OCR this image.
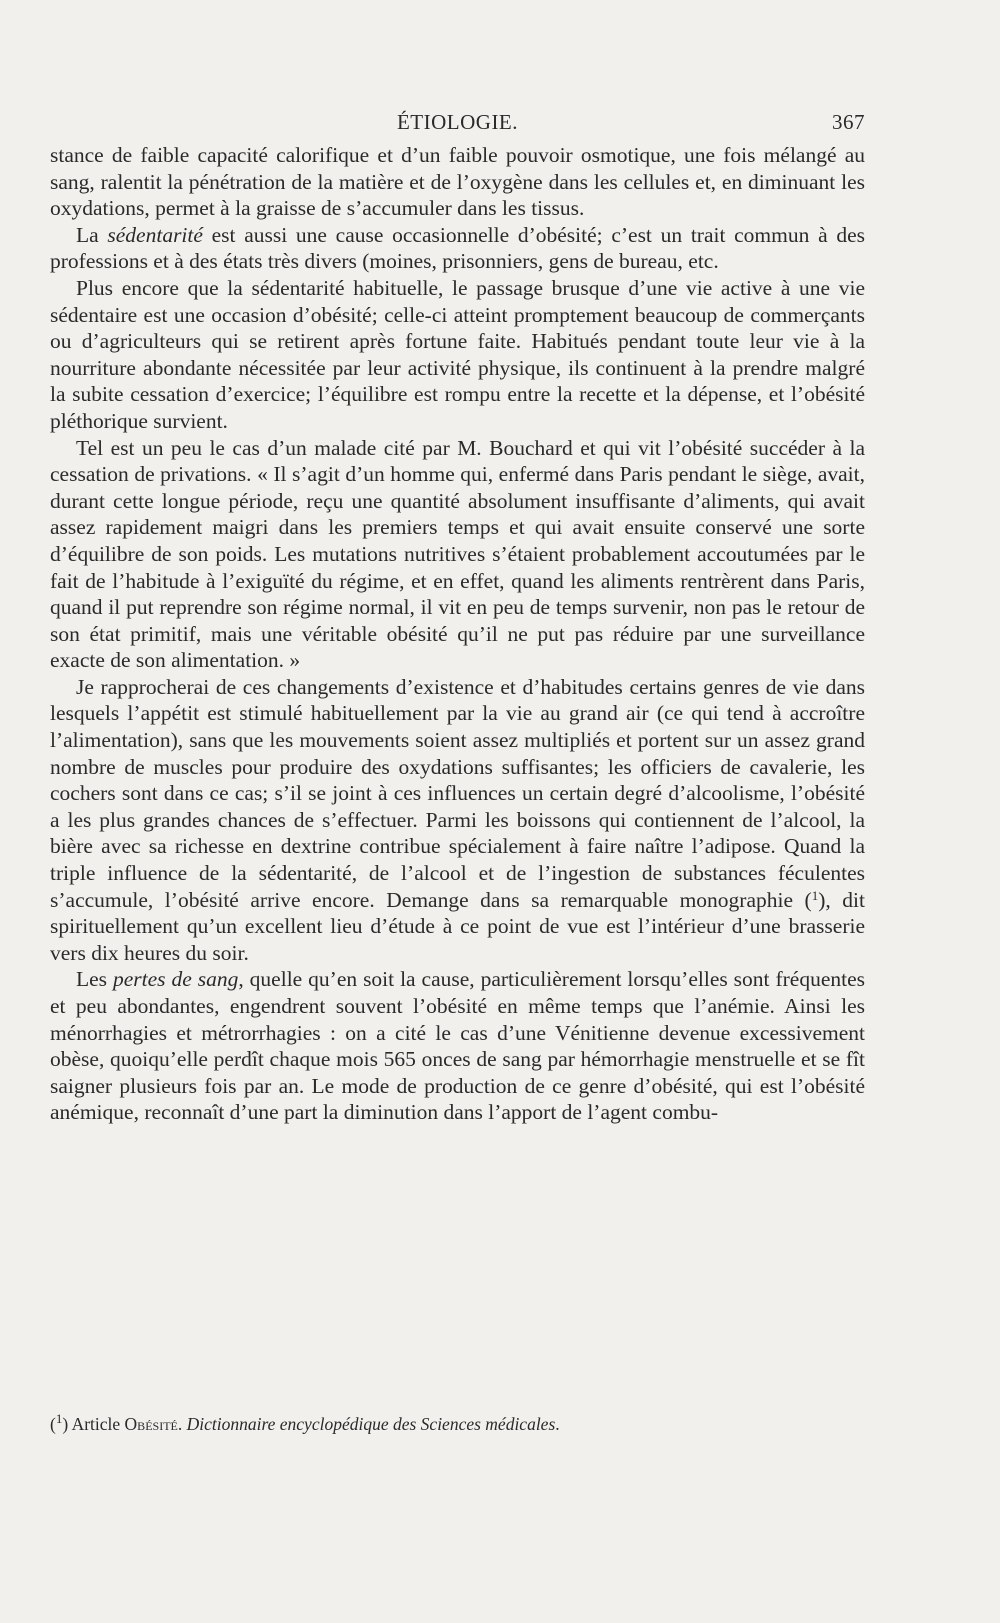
ÉTIOLOGIE.	367

stance de faible capacité calorifique et d’un faible pouvoir osmotique, une fois mélangé au sang, ralentit la pénétration de la matière et de l’oxygène dans les cellules et, en diminuant les oxydations, permet à la graisse de s’accumuler dans les tissus.

La sédentarité est aussi une cause occasionnelle d’obésité; c’est un trait commun à des professions et à des états très divers (moines, prisonniers, gens de bureau, etc.

Plus encore que la sédentarité habituelle, le passage brusque d’une vie active à une vie sédentaire est une occasion d’obésité; celle-ci atteint promptement beaucoup de commerçants ou d’agriculteurs qui se retirent après fortune faite. Habitués pendant toute leur vie à la nourriture abondante nécessitée par leur activité physique, ils continuent à la prendre malgré la subite cessation d’exercice; l’équilibre est rompu entre la recette et la dépense, et l’obésité pléthorique survient.

Tel est un peu le cas d’un malade cité par M. Bouchard et qui vit l’obésité succéder à la cessation de privations. « Il s’agit d’un homme qui, enfermé dans Paris pendant le siège, avait, durant cette longue période, reçu une quantité absolument insuffisante d’aliments, qui avait assez rapidement maigri dans les premiers temps et qui avait ensuite conservé une sorte d’équilibre de son poids. Les mutations nutritives s’étaient probablement accoutumées par le fait de l’habitude à l’exiguïté du régime, et en effet, quand les aliments rentrèrent dans Paris, quand il put reprendre son régime normal, il vit en peu de temps survenir, non pas le retour de son état primitif, mais une véritable obésité qu’il ne put pas réduire par une surveillance exacte de son alimentation. »

Je rapprocherai de ces changements d’existence et d’habitudes certains genres de vie dans lesquels l’appétit est stimulé habituellement par la vie au grand air (ce qui tend à accroître l’alimentation), sans que les mouvements soient assez multipliés et portent sur un assez grand nombre de muscles pour produire des oxydations suffisantes; les officiers de cavalerie, les cochers sont dans ce cas; s’il se joint à ces influences un certain degré d’alcoolisme, l’obésité a les plus grandes chances de s’effectuer. Parmi les boissons qui contiennent de l’alcool, la bière avec sa richesse en dextrine contribue spécialement à faire naître l’adipose. Quand la triple influence de la sédentarité, de l’alcool et de l’ingestion de substances féculentes s’accumule, l’obésité arrive encore. Demange dans sa remarquable monographie ($^1$), dit spirituellement qu’un excellent lieu d’étude à ce point de vue est l’intérieur d’une brasserie vers dix heures du soir.

Les pertes de sang, quelle qu’en soit la cause, particulièrement lorsqu’elles sont fréquentes et peu abondantes, engendrent souvent l’obésité en même temps que l’anémie. Ainsi les ménorrhagies et métrorrhagies : on a cité le cas d’une Vénitienne devenue excessivement obèse, quoiqu’elle perdît chaque mois 565 onces de sang par hémorrhagie menstruelle et se fît saigner plusieurs fois par an. Le mode de production de ce genre d’obésité, qui est l’obésité anémique, reconnaît d’une part la diminution dans l’apport de l’agent combu-

($^1$) Article Obésité. Dictionnaire encyclopédique des Sciences médicales.
